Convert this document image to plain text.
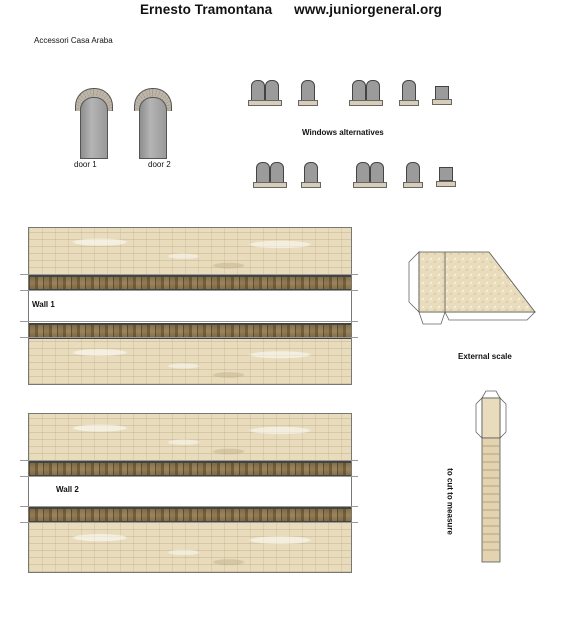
Ernesto Tramontana www.juniorgeneral.org
Accessori Casa Araba
door 1	door 2
Windows alternatives
Wall 1
Wall 2
External scale
to cut to measure
